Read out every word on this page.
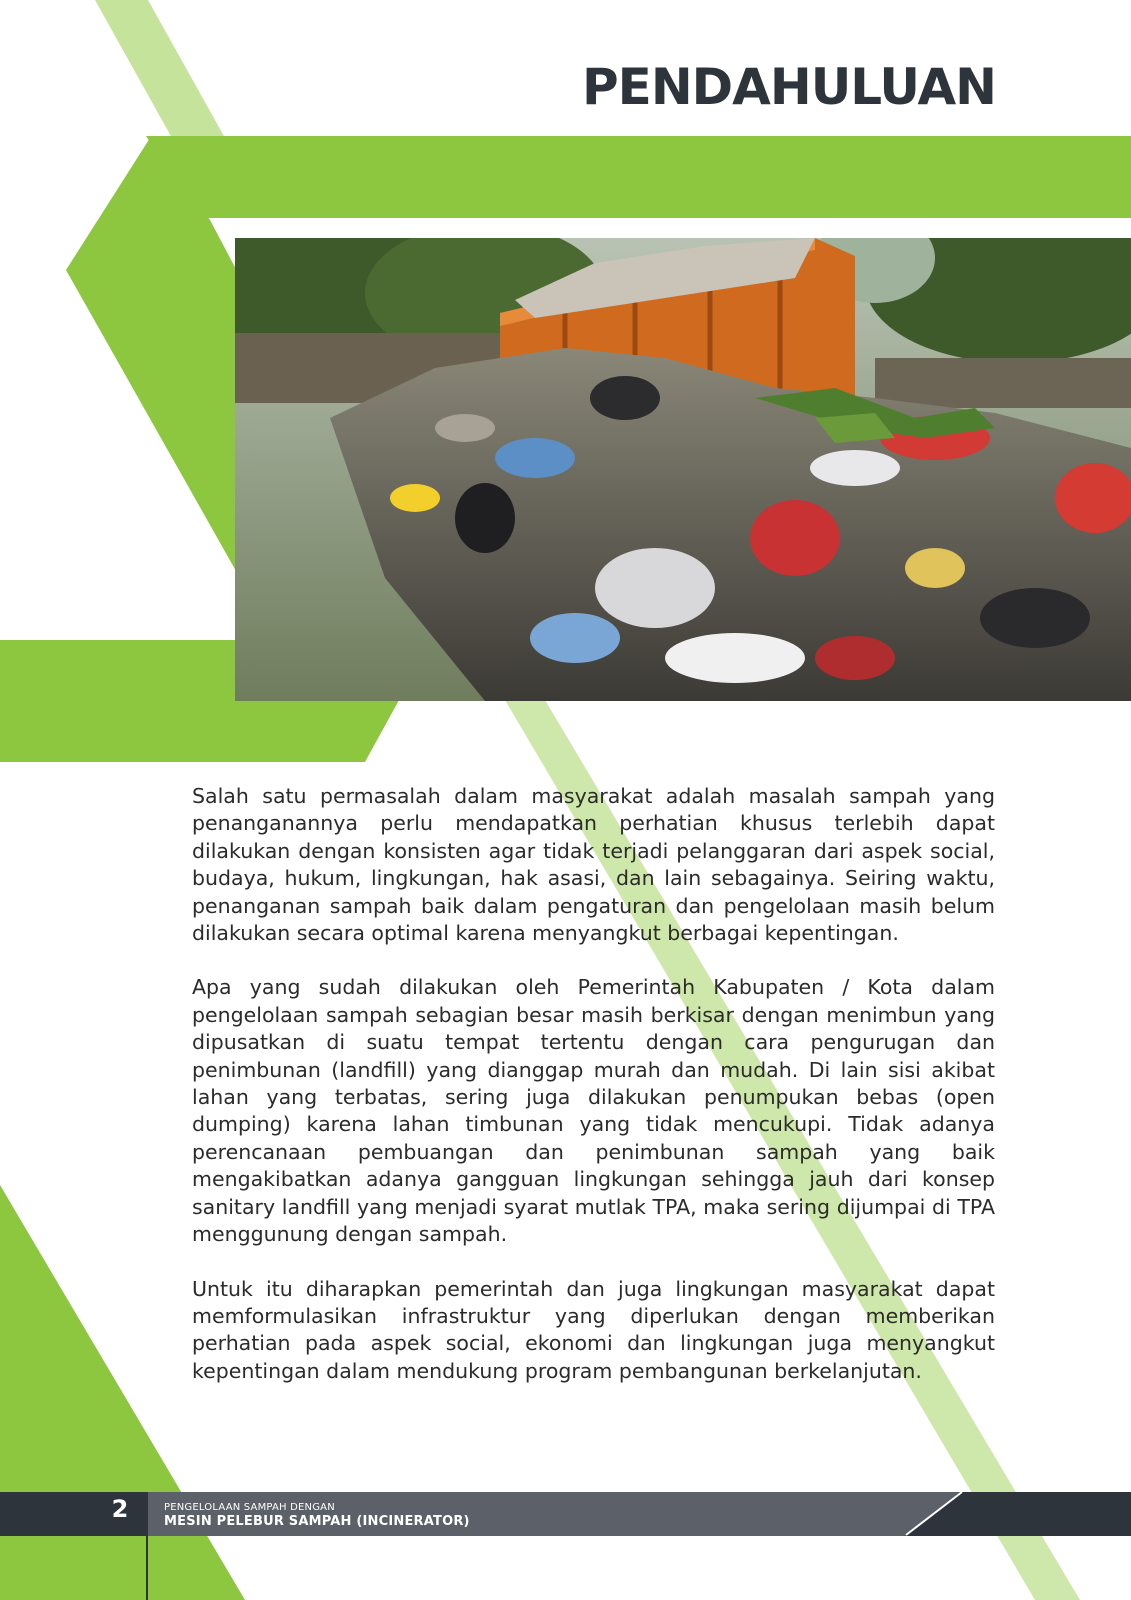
PENDAHULUAN

Salah satu permasalah dalam masyarakat adalah masalah sampah yang penanganannya perlu mendapatkan perhatian khusus terlebih dapat dilakukan dengan konsisten agar tidak terjadi pelanggaran dari aspek social, budaya, hukum, lingkungan, hak asasi, dan lain sebagainya. Seiring waktu, penanganan sampah baik dalam pengaturan dan pengelolaan masih belum dilakukan secara optimal karena menyangkut berbagai kepentingan.

Apa yang sudah dilakukan oleh Pemerintah Kabupaten / Kota dalam pengelolaan sampah sebagian besar masih berkisar dengan menimbun yang dipusatkan di suatu tempat tertentu dengan cara pengurugan dan penimbunan (landfill) yang dianggap murah dan mudah. Di lain sisi akibat lahan yang terbatas, sering juga dilakukan penumpukan bebas (open dumping) karena lahan timbunan yang tidak mencukupi. Tidak adanya perencanaan pembuangan dan penimbunan sampah yang baik mengakibatkan adanya gangguan lingkungan sehingga jauh dari konsep sanitary landfill yang menjadi syarat mutlak TPA, maka sering dijumpai di TPA menggunung dengan sampah.

Untuk itu diharapkan pemerintah dan juga lingkungan masyarakat dapat memformulasikan infrastruktur yang diperlukan dengan memberikan perhatian pada aspek social, ekonomi dan lingkungan juga menyangkut kepentingan dalam mendukung program pembangunan berkelanjutan.

2	PENGELOLAAN SAMPAH DENGAN
MESIN PELEBUR SAMPAH (INCINERATOR)
